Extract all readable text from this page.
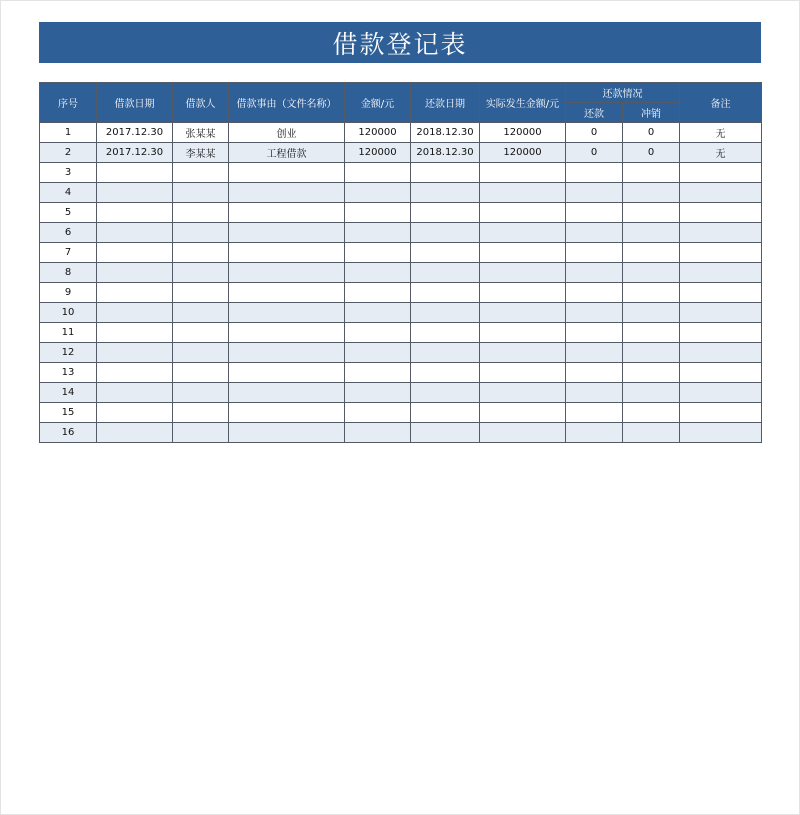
借款登记表
序号	借款日期	借款人	借款事由（文件名称）	金额/元	还款日期	实际发生金额/元	还款情况		备注
							还款	冲销	
1	2017.12.30	张某某	创业	120000	2018.12.30	120000	0	0	无
2	2017.12.30	李某某	工程借款	120000	2018.12.30	120000	0	0	无
3									
4									
5									
6									
7									
8									
9									
10									
11									
12									
13									
14									
15									
16									
